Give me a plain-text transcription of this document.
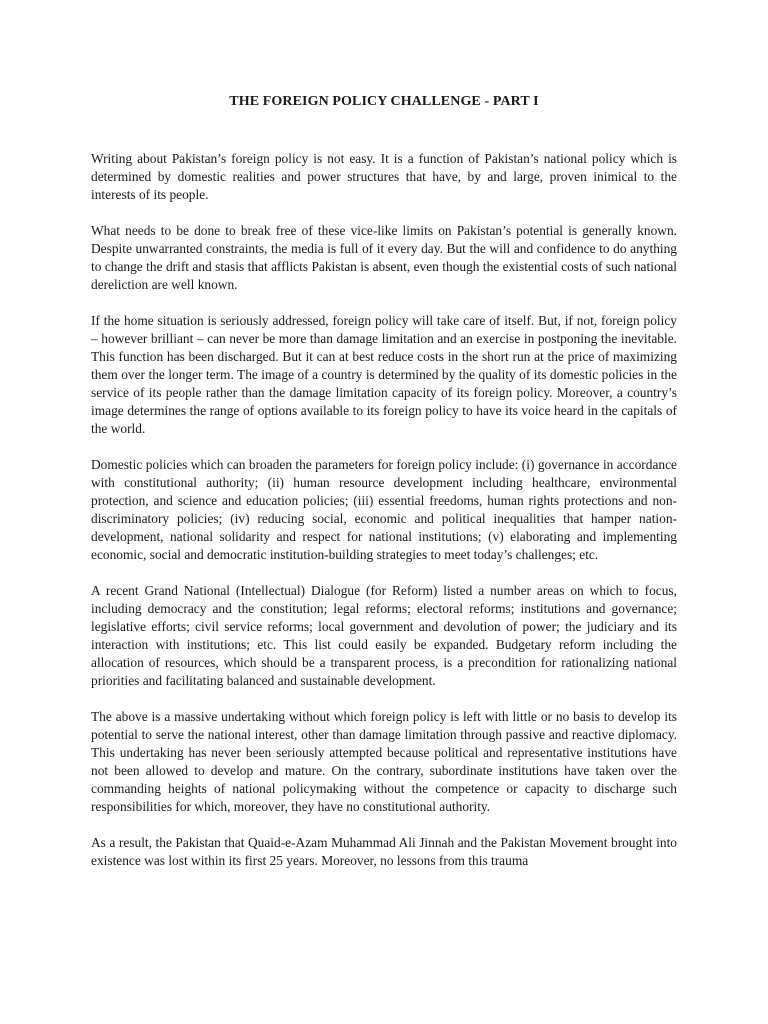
THE FOREIGN POLICY CHALLENGE - PART I

Writing about Pakistan’s foreign policy is not easy. It is a function of Pakistan’s national policy which is determined by domestic realities and power structures that have, by and large, proven inimical to the interests of its people.

What needs to be done to break free of these vice-like limits on Pakistan’s potential is generally known. Despite unwarranted constraints, the media is full of it every day. But the will and confidence to do anything to change the drift and stasis that afflicts Pakistan is absent, even though the existential costs of such national dereliction are well known.

If the home situation is seriously addressed, foreign policy will take care of itself. But, if not, foreign policy – however brilliant – can never be more than damage limitation and an exercise in postponing the inevitable. This function has been discharged. But it can at best reduce costs in the short run at the price of maximizing them over the longer term. The image of a country is determined by the quality of its domestic policies in the service of its people rather than the damage limitation capacity of its foreign policy. Moreover, a country’s image determines the range of options available to its foreign policy to have its voice heard in the capitals of the world.

Domestic policies which can broaden the parameters for foreign policy include: (i) governance in accordance with constitutional authority; (ii) human resource development including healthcare, environmental protection, and science and education policies; (iii) essential freedoms, human rights protections and non-discriminatory policies; (iv) reducing social, economic and political inequalities that hamper nation-development, national solidarity and respect for national institutions; (v) elaborating and implementing economic, social and democratic institution-building strategies to meet today’s challenges; etc.

A recent Grand National (Intellectual) Dialogue (for Reform) listed a number areas on which to focus, including democracy and the constitution; legal reforms; electoral reforms; institutions and governance; legislative efforts; civil service reforms; local government and devolution of power; the judiciary and its interaction with institutions; etc. This list could easily be expanded. Budgetary reform including the allocation of resources, which should be a transparent process, is a precondition for rationalizing national priorities and facilitating balanced and sustainable development.

The above is a massive undertaking without which foreign policy is left with little or no basis to develop its potential to serve the national interest, other than damage limitation through passive and reactive diplomacy. This undertaking has never been seriously attempted because political and representative institutions have not been allowed to develop and mature. On the contrary, subordinate institutions have taken over the commanding heights of national policymaking without the competence or capacity to discharge such responsibilities for which, moreover, they have no constitutional authority.

As a result, the Pakistan that Quaid-e-Azam Muhammad Ali Jinnah and the Pakistan Movement brought into existence was lost within its first 25 years. Moreover, no lessons from this trauma
